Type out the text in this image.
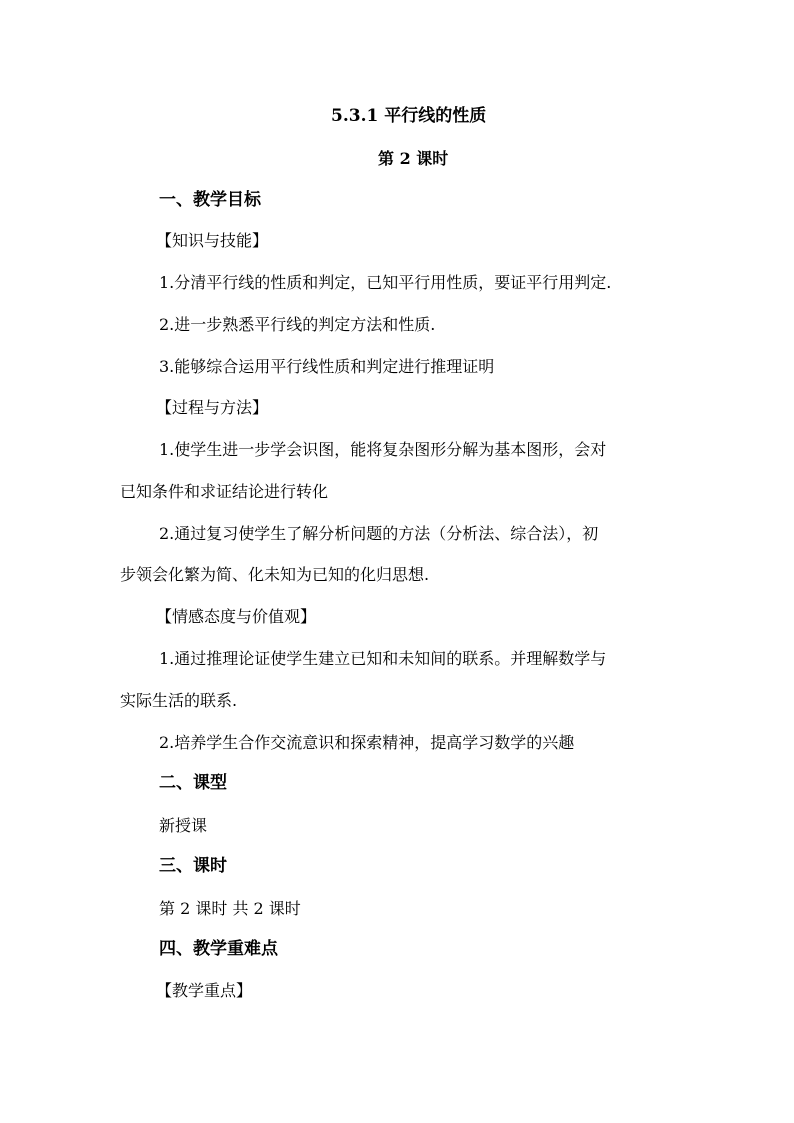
5.3.1 平行线的性质
第 2 课时
一、教学目标
【知识与技能】
1.分清平行线的性质和判定，已知平行用性质，要证平行用判定.
2.进一步熟悉平行线的判定方法和性质.
3.能够综合运用平行线性质和判定进行推理证明
【过程与方法】
1.使学生进一步学会识图，能将复杂图形分解为基本图形，会对
已知条件和求证结论进行转化
2.通过复习使学生了解分析问题的方法（分析法、综合法），初
步领会化繁为简、化未知为已知的化归思想.
【情感态度与价值观】
1.通过推理论证使学生建立已知和未知间的联系。并理解数学与
实际生活的联系.
2.培养学生合作交流意识和探索精神，提高学习数学的兴趣
二、课型
新授课
三、课时
第 2 课时 共 2 课时
四、教学重难点
【教学重点】
